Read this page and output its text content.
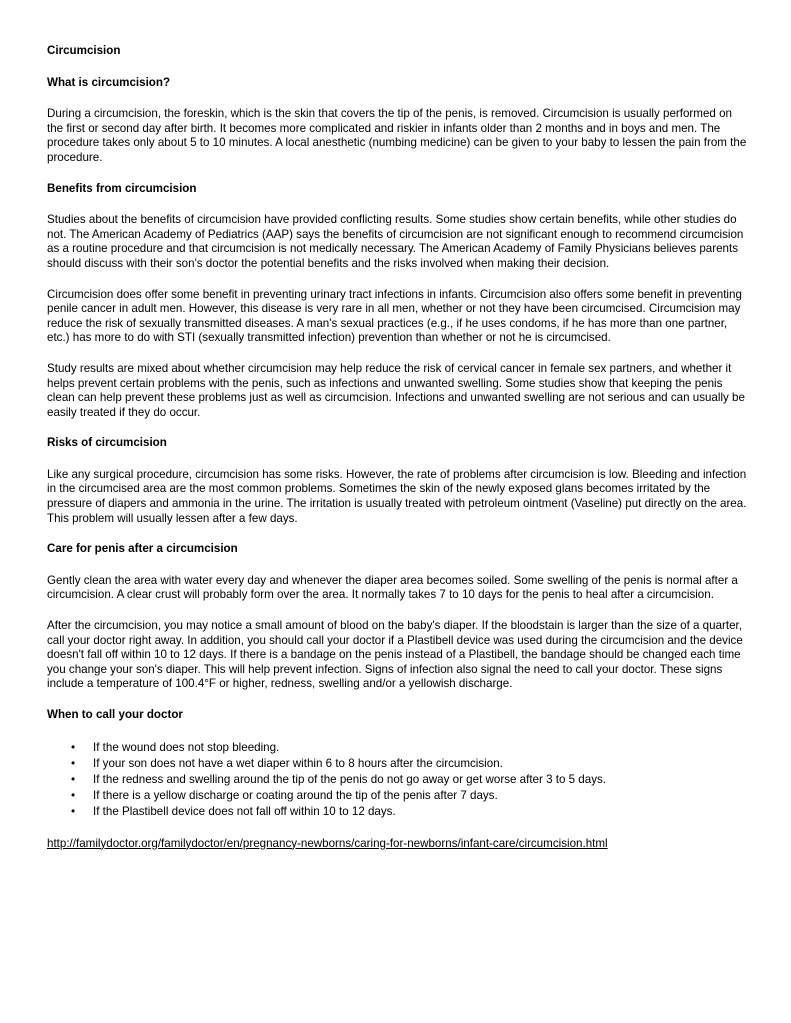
Circumcision
What is circumcision?

During a circumcision, the foreskin, which is the skin that covers the tip of the penis, is removed. Circumcision is usually performed on the first or second day after birth. It becomes more complicated and riskier in infants older than 2 months and in boys and men. The procedure takes only about 5 to 10 minutes. A local anesthetic (numbing medicine) can be given to your baby to lessen the pain from the procedure.

Benefits from circumcision

Studies about the benefits of circumcision have provided conflicting results. Some studies show certain benefits, while other studies do not. The American Academy of Pediatrics (AAP) says the benefits of circumcision are not significant enough to recommend circumcision as a routine procedure and that circumcision is not medically necessary. The American Academy of Family Physicians believes parents should discuss with their son's doctor the potential benefits and the risks involved when making their decision.

Circumcision does offer some benefit in preventing urinary tract infections in infants. Circumcision also offers some benefit in preventing penile cancer in adult men. However, this disease is very rare in all men, whether or not they have been circumcised. Circumcision may reduce the risk of sexually transmitted diseases. A man's sexual practices (e.g., if he uses condoms, if he has more than one partner, etc.) has more to do with STI (sexually transmitted infection) prevention than whether or not he is circumcised.

Study results are mixed about whether circumcision may help reduce the risk of cervical cancer in female sex partners, and whether it helps prevent certain problems with the penis, such as infections and unwanted swelling. Some studies show that keeping the penis clean can help prevent these problems just as well as circumcision. Infections and unwanted swelling are not serious and can usually be easily treated if they do occur.

Risks of circumcision

Like any surgical procedure, circumcision has some risks. However, the rate of problems after circumcision is low. Bleeding and infection in the circumcised area are the most common problems. Sometimes the skin of the newly exposed glans becomes irritated by the pressure of diapers and ammonia in the urine. The irritation is usually treated with petroleum ointment (Vaseline) put directly on the area. This problem will usually lessen after a few days.

Care for penis after a circumcision

Gently clean the area with water every day and whenever the diaper area becomes soiled. Some swelling of the penis is normal after a circumcision. A clear crust will probably form over the area. It normally takes 7 to 10 days for the penis to heal after a circumcision.

After the circumcision, you may notice a small amount of blood on the baby's diaper. If the bloodstain is larger than the size of a quarter, call your doctor right away. In addition, you should call your doctor if a Plastibell device was used during the circumcision and the device doesn't fall off within 10 to 12 days. If there is a bandage on the penis instead of a Plastibell, the bandage should be changed each time you change your son's diaper. This will help prevent infection. Signs of infection also signal the need to call your doctor. These signs include a temperature of 100.4°F or higher, redness, swelling and/or a yellowish discharge.

When to call your doctor
• If the wound does not stop bleeding.
• If your son does not have a wet diaper within 6 to 8 hours after the circumcision.
• If the redness and swelling around the tip of the penis do not go away or get worse after 3 to 5 days.
• If there is a yellow discharge or coating around the tip of the penis after 7 days.
• If the Plastibell device does not fall off within 10 to 12 days.
http://familydoctor.org/familydoctor/en/pregnancy-newborns/caring-for-newborns/infant-care/circumcision.html
